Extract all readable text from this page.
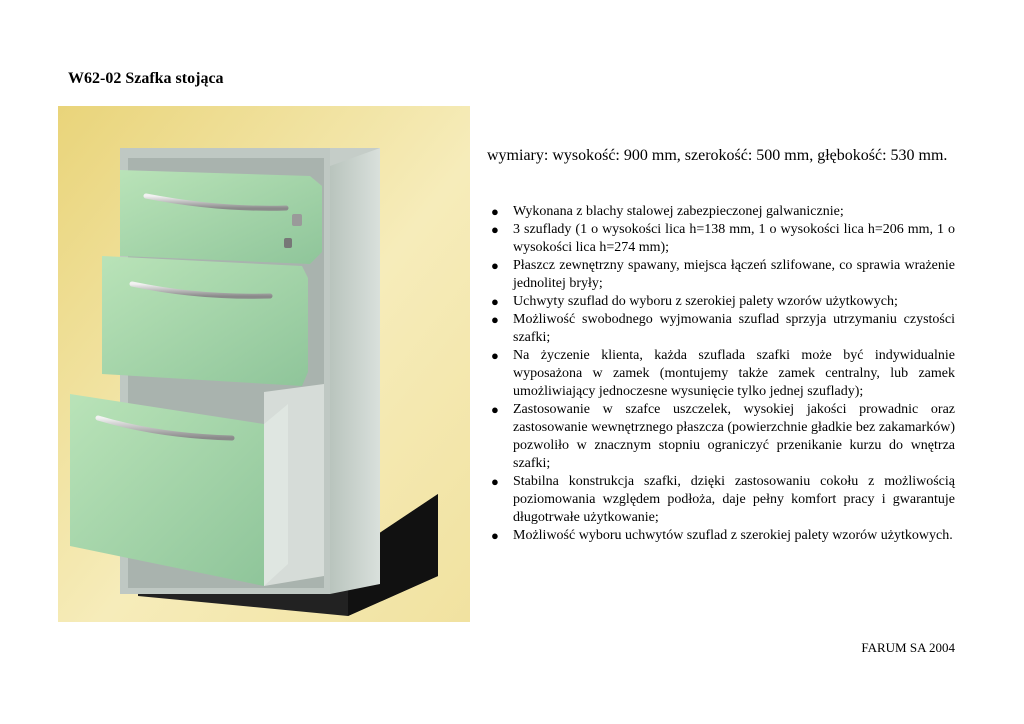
W62-02 Szafka stojąca
wymiary: wysokość: 900 mm, szerokość: 500 mm, głębokość: 530 mm.
● Wykonana z blachy stalowej zabezpieczonej galwanicznie;
● 3 szuflady (1 o wysokości lica h=138 mm, 1 o wysokości lica h=206 mm, 1 o wysokości lica h=274 mm);
● Płaszcz zewnętrzny spawany, miejsca łączeń szlifowane, co sprawia wrażenie jednolitej bryły;
● Uchwyty szuflad do wyboru z szerokiej palety wzorów użytkowych;
● Możliwość swobodnego wyjmowania szuflad sprzyja utrzymaniu czystości szafki;
● Na życzenie klienta, każda szuflada szafki może być indywidualnie wyposażona w zamek (montujemy także zamek centralny, lub zamek umożliwiający jednoczesne wysunięcie tylko jednej szuflady);
● Zastosowanie w szafce uszczelek, wysokiej jakości prowadnic oraz zastosowanie wewnętrznego płaszcza (powierzchnie gładkie bez zakamarków) pozwoliło w znacznym stopniu ograniczyć przenikanie kurzu do wnętrza szafki;
● Stabilna konstrukcja szafki, dzięki zastosowaniu cokołu z możliwością poziomowania względem podłoża, daje pełny komfort pracy i gwarantuje długotrwałe użytkowanie;
● Możliwość wyboru uchwytów szuflad z szerokiej palety wzorów użytkowych.
FARUM SA 2004
